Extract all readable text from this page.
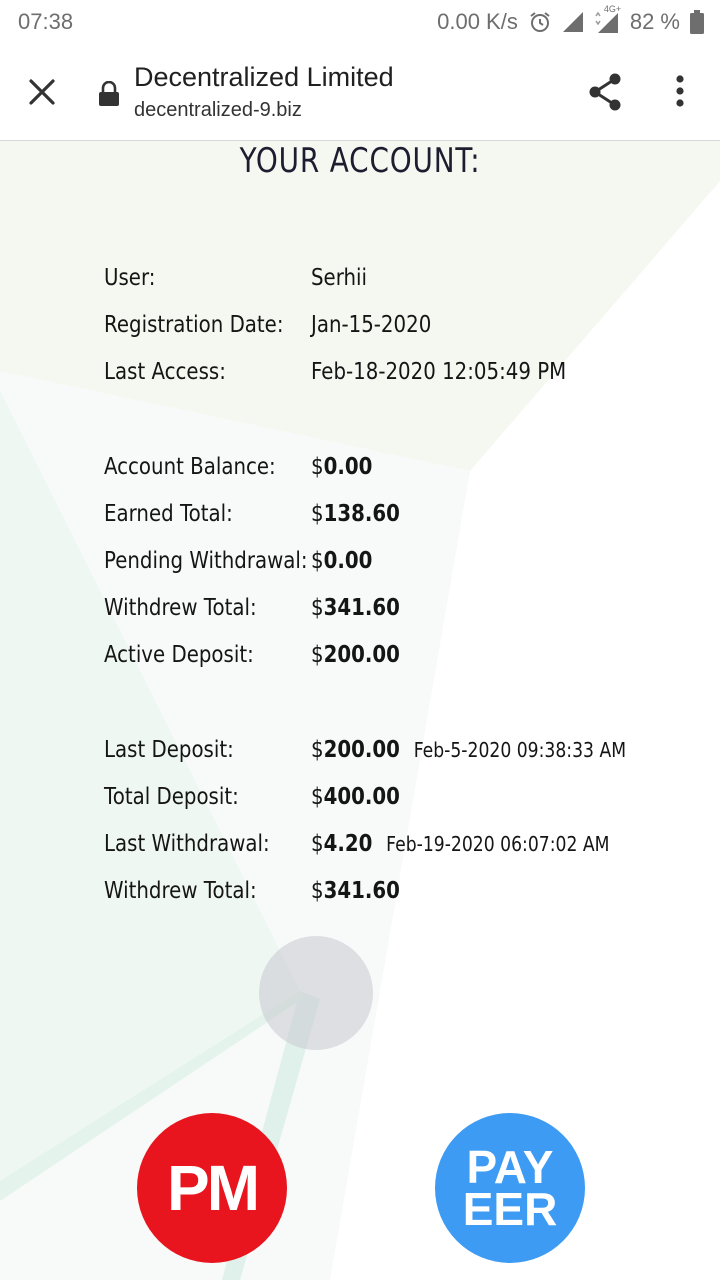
07:38	0.00 K/s	4G+ 82 %
Decentralized Limited
decentralized-9.biz
YOUR ACCOUNT:
User:	Serhii
Registration Date: Jan-15-2020
Last Access:	Feb-18-2020 12:05:49 PM
Account Balance: $0.00
Earned Total:	$138.60
Pending Withdrawal: $0.00
Withdrew Total: $341.60
Active Deposit: $200.00
Last Deposit:	$200.00 Feb-5-2020 09:38:33 AM
Total Deposit:	$400.00
Last Withdrawal: $4.20 Feb-19-2020 06:07:02 AM
Withdrew Total: $341.60
PM	PAY
EER
